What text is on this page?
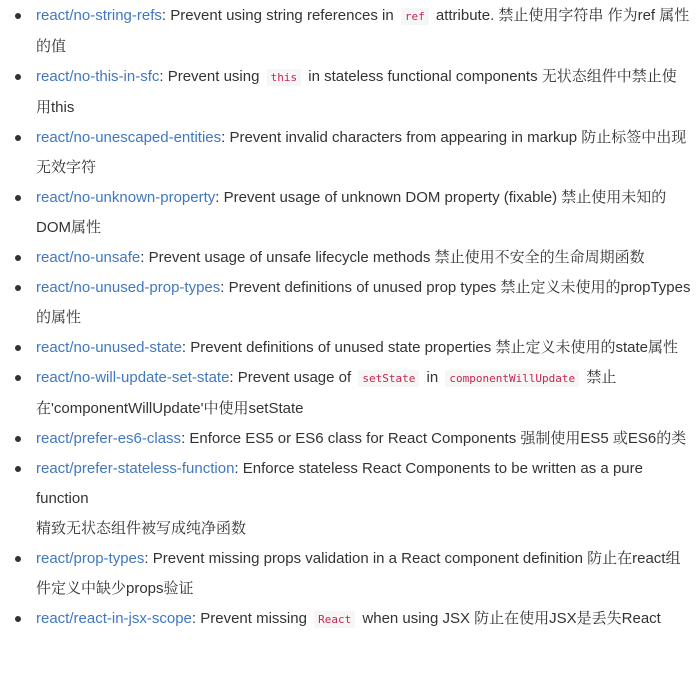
react/no-string-refs: Prevent using string references in ref attribute. 禁止使用字符串 作为ref 属性的值
react/no-this-in-sfc: Prevent using this in stateless functional components 无状态组件中禁止使用this
react/no-unescaped-entities: Prevent invalid characters from appearing in markup 防止标签中出现无效字符
react/no-unknown-property: Prevent usage of unknown DOM property (fixable) 禁止使用未知的DOM属性
react/no-unsafe: Prevent usage of unsafe lifecycle methods 禁止使用不安全的生命周期函数
react/no-unused-prop-types: Prevent definitions of unused prop types 禁止定义未使用的propTypes的属性
react/no-unused-state: Prevent definitions of unused state properties 禁止定义未使用的state属性
react/no-will-update-set-state: Prevent usage of setState in componentWillUpdate 禁止在'componentWillUpdate'中使用setState
react/prefer-es6-class: Enforce ES5 or ES6 class for React Components 强制使用ES5 或ES6的类
react/prefer-stateless-function: Enforce stateless React Components to be written as a pure function
精致无状态组件被写成纯净函数
react/prop-types: Prevent missing props validation in a React component definition 防止在react组件定义中缺少props验证
react/react-in-jsx-scope: Prevent missing React when using JSX 防止在使用JSX是丢失React
